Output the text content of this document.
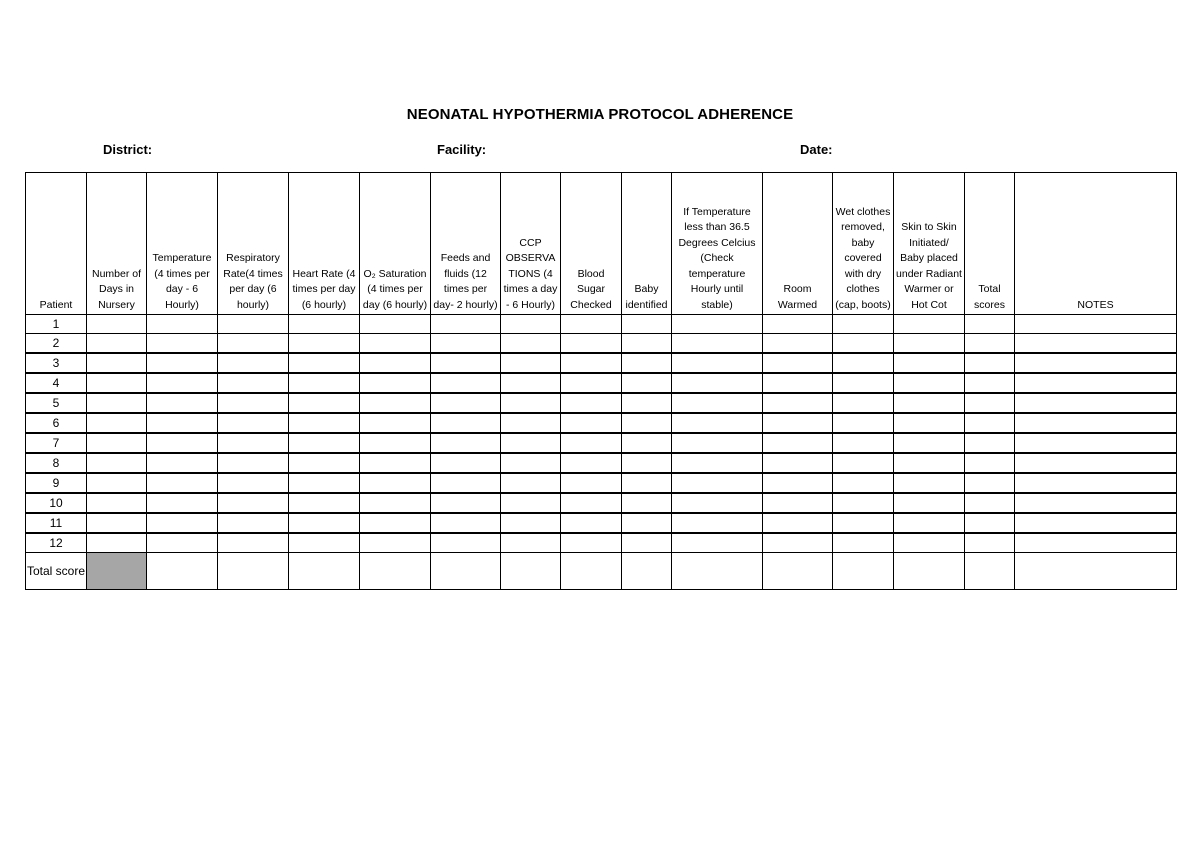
NEONATAL HYPOTHERMIA PROTOCOL ADHERENCE
District:	Facility:	Date:
Patient	Number of Days in Nursery	Temperature (4 times per day - 6 Hourly)	Respiratory Rate(4 times per day (6 hourly)	Heart Rate (4 times per day (6 hourly)	O₂ Saturation (4 times per day (6 hourly)	Feeds and fluids (12 times per day- 2 hourly)	CCP OBSERVATIONS (4 times a day - 6 Hourly)	Blood Sugar Checked	Baby identified	If Temperature less than 36.5 Degrees Celcius (Check temperature Hourly until stable)	Room Warmed	Wet clothes removed, baby covered with dry clothes (cap, boots)	Skin to Skin Initiated/ Baby placed under Radiant Warmer or Hot Cot	Total scores	NOTES
1															
2															
3															
4															
5															
6															
7															
8															
9															
10															
11															
12															
Total score															
